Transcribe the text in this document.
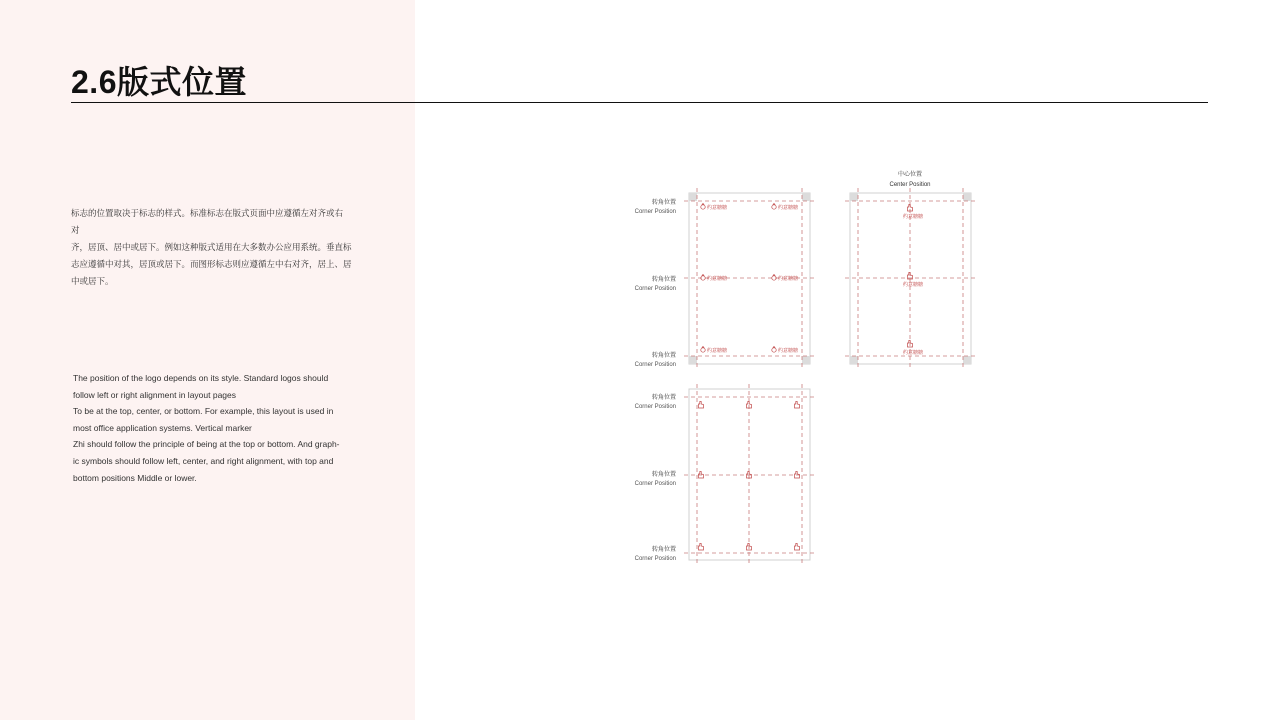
2.6版式位置
标志的位置取决于标志的样式。标准标志在版式页面中应遵循左对齐或右
对
齐，居顶、居中或居下。例如这种版式适用在大多数办公应用系统。垂直标
志应遵循中对其，居顶或居下。而图形标志则应遵循左中右对齐，居上、居
中或居下。
The position of the logo depends on its style. Standard logos should
follow left or right alignment in layout pages
To be at the top, center, or bottom. For example, this layout is used in
most office application systems. Vertical marker
Zhi should follow the principle of being at the top or bottom. And graph-
ic symbols should follow left, center, and right alignment, with top and
bottom positions Middle or lower.
转角位置
Corner Position
转角位置
Corner Position
转角位置
Corner Position
转角位置
Corner Position
转角位置
Corner Position
转角位置
Corner Position
中心位置
Center Position
约意糖糖	约意糖糖
约意糖糖	约意糖糖
约意糖糖	约意糖糖
约意糖糖
约意糖糖
约意糖糖
